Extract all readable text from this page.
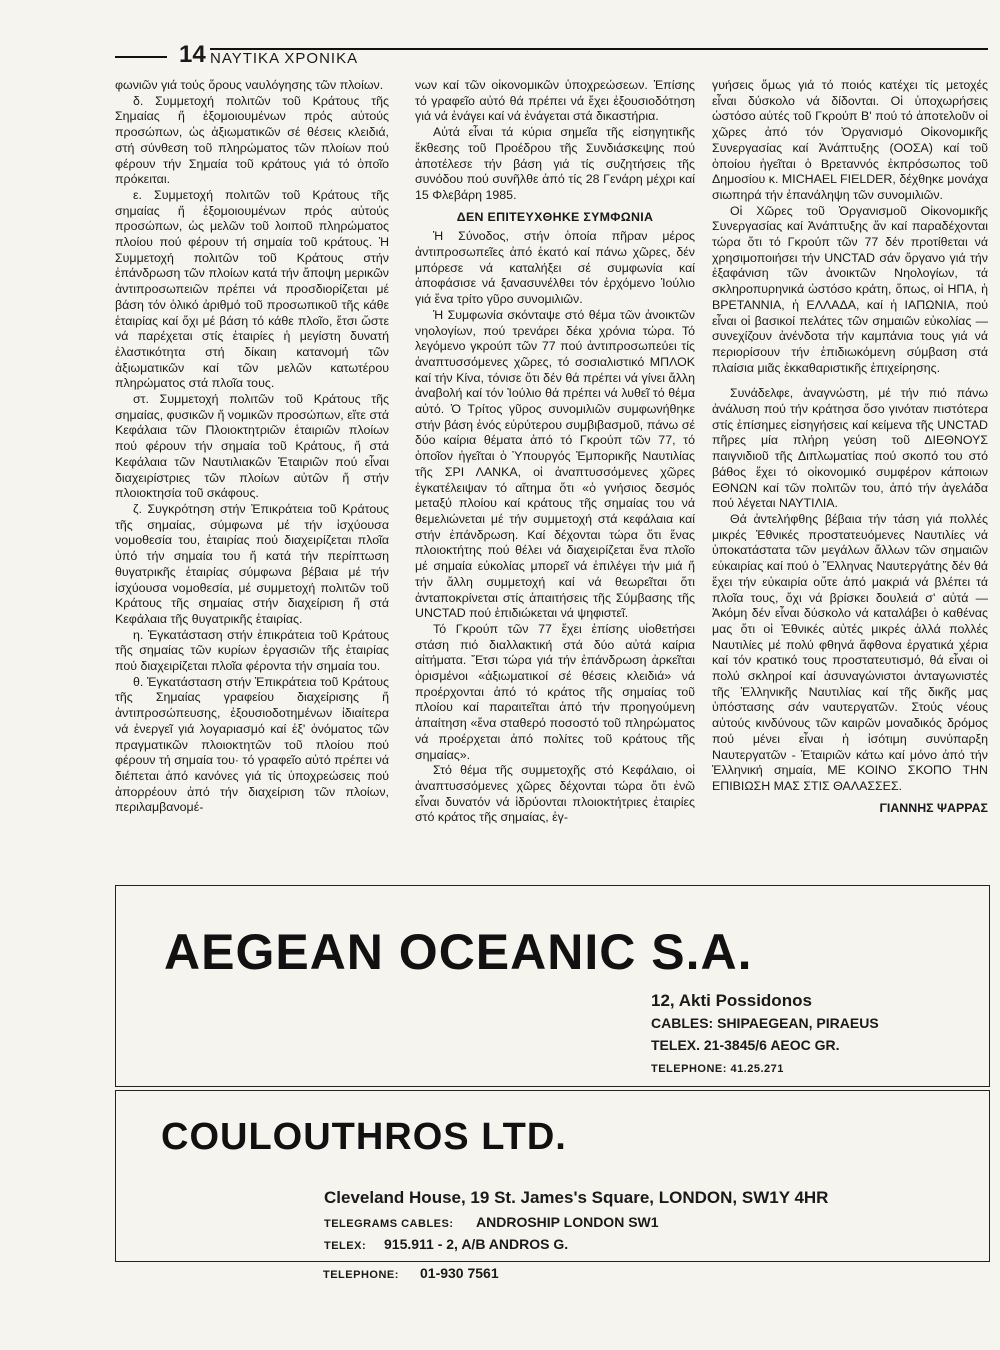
14 ΝΑΥΤΙΚΑ ΧΡΟΝΙΚΑ

φωνιῶν γιά τούς ὅρους ναυλόγησης τῶν πλοίων.

δ. Συμμετοχή πολιτῶν τοῦ Κράτους τῆς Σημαίας ἤ ἐξομοιουμένων πρός αὐτούς προσώπων, ὡς ἀξιωματικῶν σέ θέσεις κλειδιά, στή σύνθεση τοῦ πληρώματος τῶν πλοίων πού φέρουν τήν Σημαία τοῦ κράτους γιά τό ὁποῖο πρόκειται.

ε. Συμμετοχή πολιτῶν τοῦ Κράτους τῆς σημαίας ἤ ἐξομοιουμένων πρός αὐτούς προσώπων, ὡς μελῶν τοῦ λοιποῦ πληρώματος πλοίου πού φέρουν τή σημαία τοῦ κράτους. Ἡ Συμμετοχή πολιτῶν τοῦ Κράτους στήν ἐπάνδρωση τῶν πλοίων κατά τήν ἄποψη μερικῶν ἀντιπροσωπειῶν πρέπει νά προσδιορίζεται μέ βάση τόν ὁλικό ἀριθμό τοῦ προσωπικοῦ τῆς κάθε ἑταιρίας καί ὄχι μέ βάση τό κάθε πλοῖο, ἔτσι ὥστε νά παρέχεται στίς ἑταιρίες ἡ μεγίστη δυνατή ἐλαστικότητα στή δίκαιη κατανομή τῶν ἀξιωματικῶν καί τῶν μελῶν κατωτέρου πληρώματος στά πλοῖα τους.

στ. Συμμετοχή πολιτῶν τοῦ Κράτους τῆς σημαίας, φυσικῶν ἤ νομικῶν προσώπων, εἴτε στά Κεφάλαια τῶν Πλοιοκτητριῶν ἑταιριῶν πλοίων πού φέρουν τήν σημαία τοῦ Κράτους, ἤ στά Κεφάλαια τῶν Ναυτιλιακῶν Ἑταιριῶν πού εἶναι διαχειρίστριες τῶν πλοίων αὐτῶν ἤ στήν πλοιοκτησία τοῦ σκάφους.

ζ. Συγκρότηση στήν Ἐπικράτεια τοῦ Κράτους τῆς σημαίας, σύμφωνα μέ τήν ἰσχύουσα νομοθεσία του, ἑταιρίας πού διαχειρίζεται πλοῖα ὑπό τήν σημαία του ἤ κατά τήν περίπτωση θυγατρικῆς ἑταιρίας σύμφωνα βέβαια μέ τήν ἰσχύουσα νομοθεσία, μέ συμμετοχή πολιτῶν τοῦ Κράτους τῆς σημαίας στήν διαχείριση ἤ στά Κεφάλαια τῆς θυγατρικῆς ἑταιρίας.

η. Ἐγκατάσταση στήν ἐπικράτεια τοῦ Κράτους τῆς σημαίας τῶν κυρίων ἐργασιῶν τῆς ἑταιρίας πού διαχειρίζεται πλοῖα φέροντα τήν σημαία του.

θ. Ἐγκατάσταση στήν Ἐπικράτεια τοῦ Κράτους τῆς Σημαίας γραφείου διαχείρισης ἤ ἀντιπροσώπευσης, ἐξουσιοδοτημένων ἰδιαίτερα νά ἐνεργεῖ γιά λογαριασμό καί ἐξ' ὀνόματος τῶν πραγματικῶν πλοιοκτητῶν τοῦ πλοίου πού φέρουν τή σημαία του· τό γραφεῖο αὐτό πρέπει νά διέπεται ἀπό κανόνες γιά τίς ὑποχρεώσεις πού ἀπορρέουν ἀπό τήν διαχείριση τῶν πλοίων, περιλαμβανομέ-

νων καί τῶν οἰκονομικῶν ὑποχρεώσεων. Ἐπίσης τό γραφεῖο αὐτό θά πρέπει νά ἔχει ἐξουσιοδότηση γιά νά ἐνάγει καί νά ἐνάγεται στά δικαστήρια.

Αὐτά εἶναι τά κύρια σημεῖα τῆς εἰσηγητικῆς ἔκθεσης τοῦ Προέδρου τῆς Συνδιάσκεψης πού ἀποτέλεσε τήν βάση γιά τίς συζητήσεις τῆς συνόδου πού συνῆλθε ἀπό τίς 28 Γενάρη μέχρι καί 15 Φλεβάρη 1985.

ΔΕΝ ΕΠΙΤΕΥΧΘΗΚΕ ΣΥΜΦΩΝΙΑ

Ἡ Σύνοδος, στήν ὁποία πῆραν μέρος ἀντιπροσωπεῖες ἀπό ἑκατό καί πάνω χῶρες, δέν μπόρεσε νά καταλήξει σέ συμφωνία καί ἀποφάσισε νά ξανασυνέλθει τόν ἐρχόμενο Ἰούλιο γιά ἕνα τρίτο γῦρο συνομιλιῶν.

Ἡ Συμφωνία σκόνταψε στό θέμα τῶν ἀνοικτῶν νηολογίων, πού τρενάρει δέκα χρόνια τώρα. Τό λεγόμενο γκρούπ τῶν 77 πού ἀντιπροσωπεύει τίς ἀναπτυσσόμενες χῶρες, τό σοσιαλιστικό ΜΠΛΟΚ καί τήν Κίνα, τόνισε ὅτι δέν θά πρέπει νά γίνει ἄλλη ἀναβολή καί τόν Ἰούλιο θά πρέπει νά λυθεῖ τό θέμα αὐτό. Ὁ Τρίτος γῦρος συνομιλιῶν συμφωνήθηκε στήν βάση ἑνός εὐρύτερου συμβιβασμοῦ, πάνω σέ δύο καίρια θέματα ἀπό τό Γκρούπ τῶν 77, τό ὁποῖον ἡγεῖται ὁ Ὑπουργός Ἐμπορικῆς Ναυτιλίας τῆς ΣΡΙ ΛΑΝΚΑ, οἱ ἀναπτυσσόμενες χῶρες ἐγκατέλειψαν τό αἴτημα ὅτι «ὁ γνήσιος δεσμός μεταξύ πλοίου καί κράτους τῆς σημαίας του νά θεμελιώνεται μέ τήν συμμετοχή στά κεφάλαια καί στήν ἐπάνδρωση. Καί δέχονται τώρα ὅτι ἕνας πλοιοκτήτης πού θέλει νά διαχειρίζεται ἕνα πλοῖο μέ σημαία εὐκολίας μπορεῖ νά ἐπιλέγει τήν μιά ἤ τήν ἄλλη συμμετοχή καί νά θεωρεῖται ὅτι ἀνταποκρίνεται στίς ἀπαιτήσεις τῆς Σύμβασης τῆς UNCTAD πού ἐπιδιώκεται νά ψηφιστεῖ.

Τό Γκρούπ τῶν 77 ἔχει ἐπίσης υἱοθετήσει στάση πιό διαλλακτική στά δύο αὐτά καίρια αἰτήματα. Ἔτσι τώρα γιά τήν ἐπάνδρωση ἀρκεῖται ὁρισμένοι «ἀξιωματικοί σέ θέσεις κλειδιά» νά προέρχονται ἀπό τό κράτος τῆς σημαίας τοῦ πλοίου καί παραιτεῖται ἀπό τήν προηγούμενη ἀπαίτηση «ἕνα σταθερό ποσοστό τοῦ πληρώματος νά προέρχεται ἀπό πολίτες τοῦ κράτους τῆς σημαίας».

Στό θέμα τῆς συμμετοχῆς στό Κεφάλαιο, οἱ ἀναπτυσσόμενες χῶρες δέχονται τώρα ὅτι ἐνῶ εἶναι δυνατόν νά ἱδρύονται πλοιοκτήτριες ἑταιρίες στό κράτος τῆς σημαίας, ἐγ-

γυήσεις ὅμως γιά τό ποιός κατέχει τίς μετοχές εἶναι δύσκολο νά δίδονται. Οἱ ὑποχωρήσεις ὡστόσο αὐτές τοῦ Γκρούπ Β' πού τό ἀποτελοῦν οἱ χῶρες ἀπό τόν Ὀργανισμό Οἰκονομικῆς Συνεργασίας καί Ἀνάπτυξης (ΟΟΣΑ) καί τοῦ ὁποίου ἡγεῖται ὁ Βρεταννός ἐκπρόσωπος τοῦ Δημοσίου κ. MICHAEL FIELDER, δέχθηκε μονάχα σιωπηρά τήν ἐπανάληψη τῶν συνομιλιῶν.

Οἱ Χῶρες τοῦ Ὀργανισμοῦ Οἰκονομικῆς Συνεργασίας καί Ἀνάπτυξης ἄν καί παραδέχονται τώρα ὅτι τό Γκρούπ τῶν 77 δέν προτίθεται νά χρησιμοποιήσει τήν UNCTAD σάν ὄργανο γιά τήν ἐξαφάνιση τῶν ἀνοικτῶν Νηολογίων, τά σκληροπυρηνικά ὡστόσο κράτη, ὅπως, οἱ ΗΠΑ, ἡ ΒΡΕΤΑΝΝΙΑ, ἡ ΕΛΛΑΔΑ, καί ἡ ΙΑΠΩΝΙΑ, πού εἶναι οἱ βασικοί πελάτες τῶν σημαιῶν εὐκολίας — συνεχίζουν ἀνένδοτα τήν καμπάνια τους γιά νά περιορίσουν τήν ἐπιδιωκόμενη σύμβαση στά πλαίσια μιᾶς ἐκκαθαριστικῆς ἐπιχείρησης.

Συνάδελφε, ἀναγνώστη, μέ τήν πιό πάνω ἀνάλυση πού τήν κράτησα ὅσο γινόταν πιστότερα στίς ἐπίσημες εἰσηγήσεις καί κείμενα τῆς UNCTAD πῆρες μία πλήρη γεύση τοῦ ΔΙΕΘΝΟΥΣ παιγνιδιοῦ τῆς Διπλωματίας πού σκοπό του στό βάθος ἔχει τό οἰκονομικό συμφέρον κάποιων ΕΘΝΩΝ καί τῶν πολιτῶν του, ἀπό τήν ἀγελάδα πού λέγεται ΝΑΥΤΙΛΙΑ.

Θά ἀντελήφθης βέβαια τήν τάση γιά πολλές μικρές Ἐθνικές προστατευόμενες Ναυτιλίες νά ὑποκατάστατα τῶν μεγάλων ἄλλων τῶν σημαιῶν εὐκαιρίας καί πού ὁ Ἕλληνας Ναυτεργάτης δέν θά ἔχει τήν εὐκαιρία οὔτε ἀπό μακριά νά βλέπει τά πλοῖα τους, ὄχι νά βρίσκει δουλειά σ' αὐτά — Ἀκόμη δέν εἶναι δύσκολο νά καταλάβει ὁ καθένας μας ὅτι οἱ Ἐθνικές αὐτές μικρές ἀλλά πολλές Ναυτιλίες μέ πολύ φθηνά ἄφθονα ἐργατικά χέρια καί τόν κρατικό τους προστατευτισμό, θά εἶναι οἱ πολύ σκληροί καί ἀσυναγώνιστοι ἀνταγωνιστές τῆς Ἑλληνικῆς Ναυτιλίας καί τῆς δικῆς μας ὑπόστασης σάν ναυτεργατῶν. Στούς νέους αὐτούς κινδύνους τῶν καιρῶν μοναδικός δρόμος πού μένει εἶναι ἡ ἰσότιμη συνύπαρξη Ναυτεργατῶν - Ἑταιριῶν κάτω καί μόνο ἀπό τήν Ἑλληνική σημαία, ΜΕ ΚΟΙΝΟ ΣΚΟΠΟ ΤΗΝ ΕΠΙΒΙΩΣΗ ΜΑΣ ΣΤΙΣ ΘΑΛΑΣΣΕΣ.

ΓΙΑΝΝΗΣ ΨΑΡΡΑΣ

AEGEAN OCEANIC S.A.
12, Akti Possidonos
CABLES: SHIPAEGEAN, PIRAEUS
TELEX. 21-3845/6 AEOC GR.
TELEPHONE: 41.25.271
COULOUTHROS LTD.
Cleveland House, 19 St. James's Square, LONDON, SW1Y 4HR
TELEGRAMS CABLES: ANDROSHIP LONDON SW1
TELEX: 915.911 - 2, A/B ANDROS G.
TELEPHONE: 01-930 7561
